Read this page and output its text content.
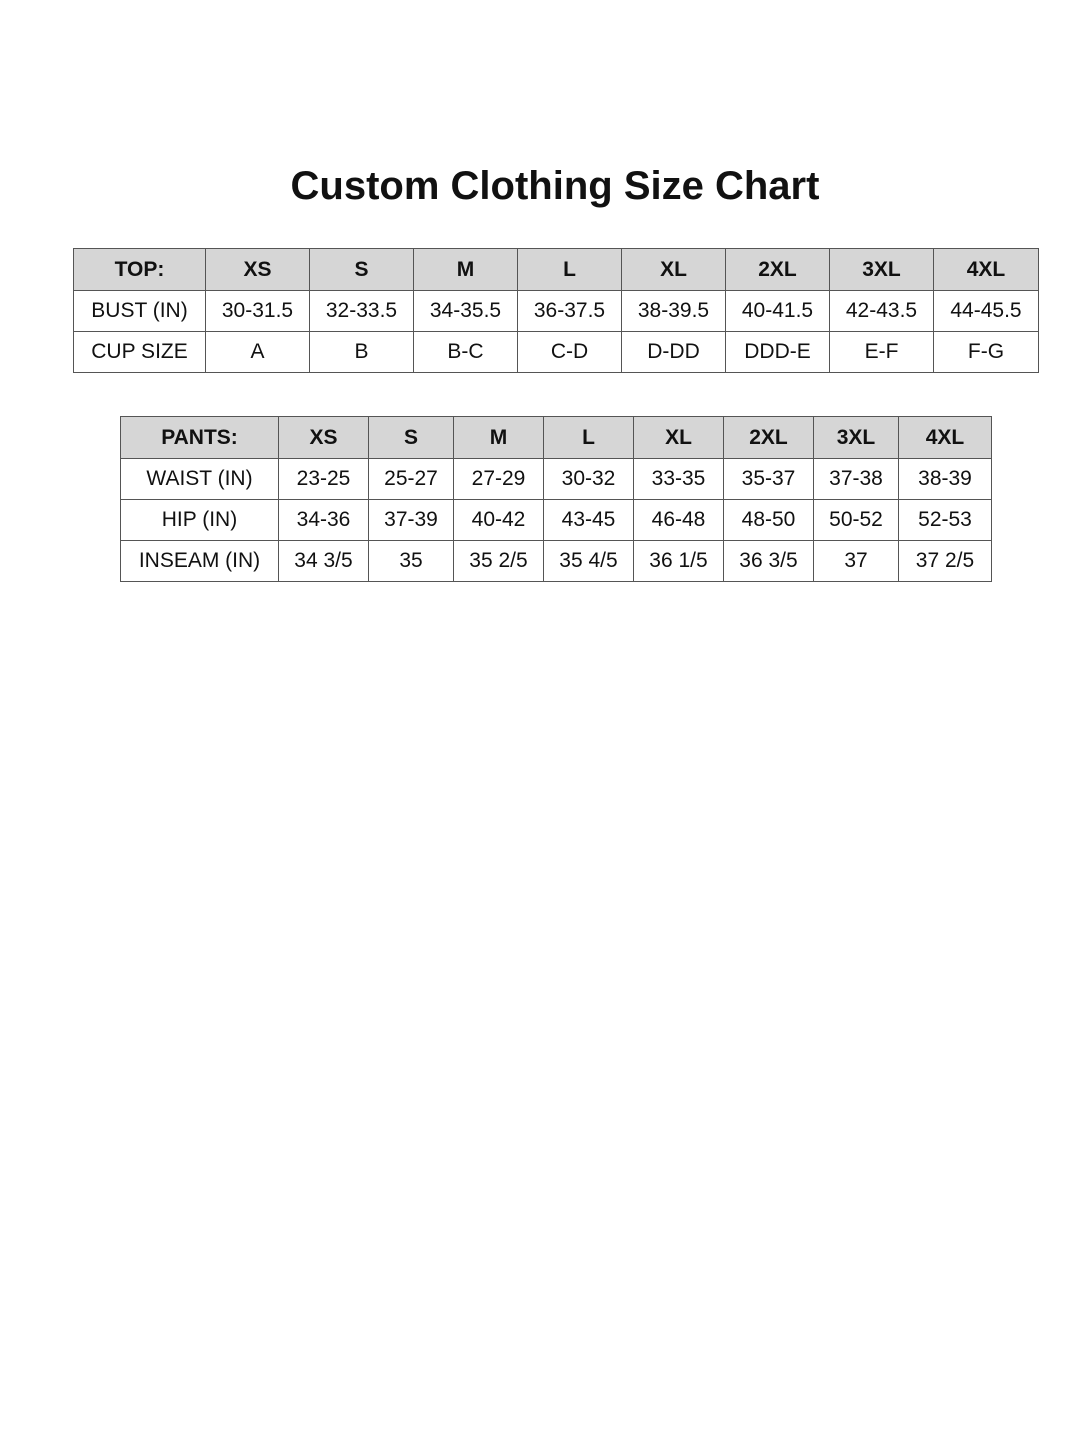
Custom Clothing Size Chart
TOP:	XS	S	M	L	XL	2XL	3XL	4XL
BUST (IN)	30-31.5	32-33.5	34-35.5	36-37.5	38-39.5	40-41.5	42-43.5	44-45.5
CUP SIZE	A	B	B-C	C-D	D-DD	DDD-E	E-F	F-G
PANTS:	XS	S	M	L	XL	2XL	3XL	4XL
WAIST (IN)	23-25	25-27	27-29	30-32	33-35	35-37	37-38	38-39
HIP (IN)	34-36	37-39	40-42	43-45	46-48	48-50	50-52	52-53
INSEAM (IN)	34 3/5	35	35 2/5	35 4/5	36 1/5	36 3/5	37	37 2/5
